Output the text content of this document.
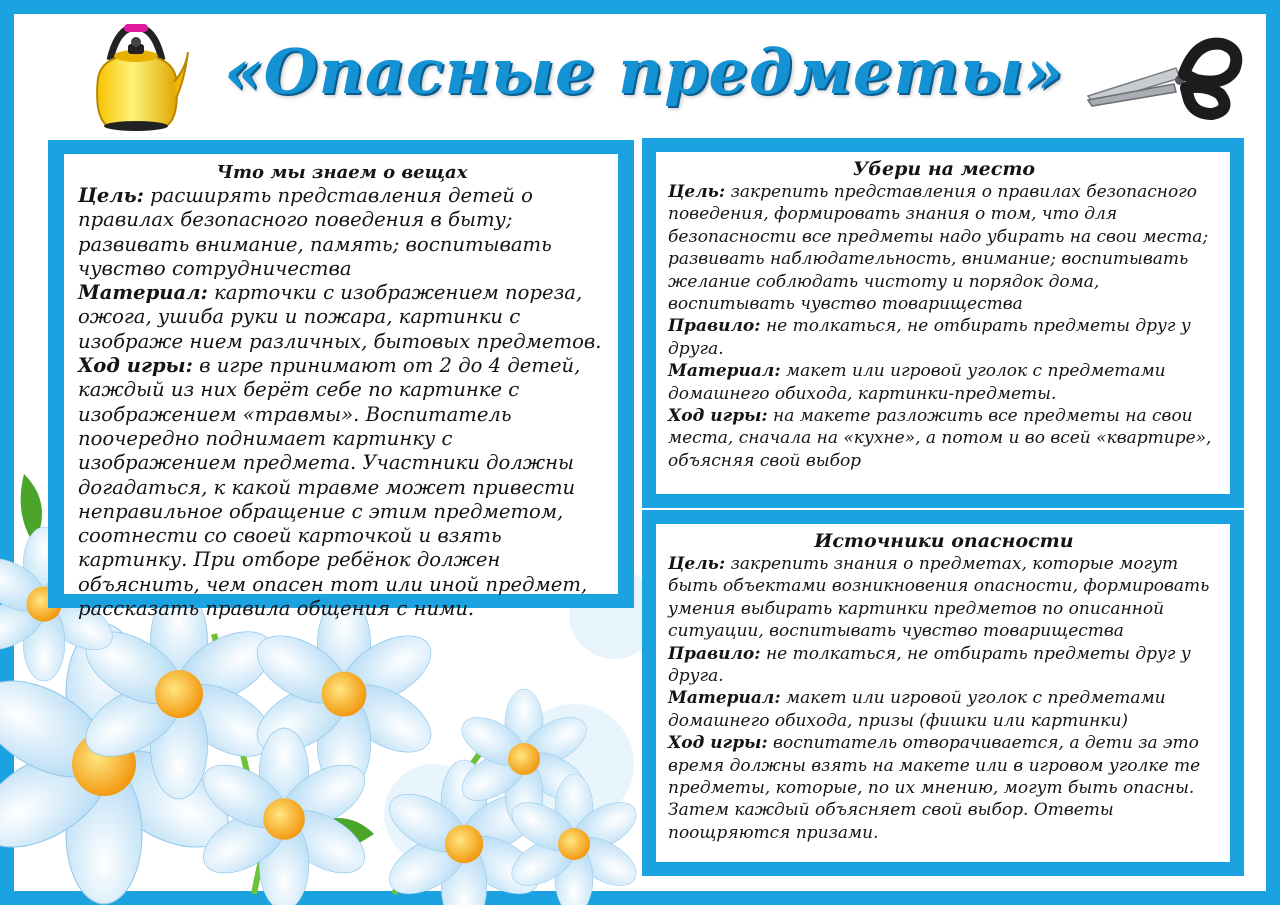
«Опасные предметы»

Что мы знаем о вещах

Цель: расширять представления детей о правилах безопасного поведения в быту; развивать внимание, память; воспитывать чувство сотрудничества

Материал: карточки с изображением пореза, ожога, ушиба руки и пожара, картинки с изображе нием различных, бытовых предметов.

Ход игры: в игре принимают от 2 до 4 детей, каждый из них берёт себе по картинке с изображением «травмы». Воспитатель поочередно поднимает картинку с изображением предмета. Участники должны догадаться, к какой травме может привести неправильное обращение с этим предметом, соотнести со своей карточкой и взять картинку. При отборе ребёнок должен объяснить, чем опасен тот или иной предмет, рассказать правила общения с ними.

Убери на место

Цель: закрепить представления о правилах безопасного поведения, формировать знания о том, что для безопасности все предметы надо убирать на свои места; развивать наблюдательность, внимание; воспитывать желание соблюдать чистоту и порядок дома, воспитывать чувство товарищества

Правило: не толкаться, не отбирать предметы друг у друга.

Материал: макет или игровой уголок с предметами домашнего обихода, картинки-предметы.

Ход игры: на макете разложить все предметы на свои места, сначала на «кухне», а потом и во всей «квартире», объясняя свой выбор

Источники опасности

Цель: закрепить знания о предметах, которые могут быть объектами возникновения опасности, формировать умения выбирать картинки предметов по описанной ситуации, воспитывать чувство товарищества

Правило: не толкаться, не отбирать предметы друг у друга.

Материал: макет или игровой уголок с предметами домашнего обихода, призы (фишки или картинки)

Ход игры: воспитатель отворачивается, а дети за это время должны взять на макете или в игровом уголке те предметы, которые, по их мнению, могут быть опасны. Затем каждый объясняет свой выбор. Ответы поощряются призами.
